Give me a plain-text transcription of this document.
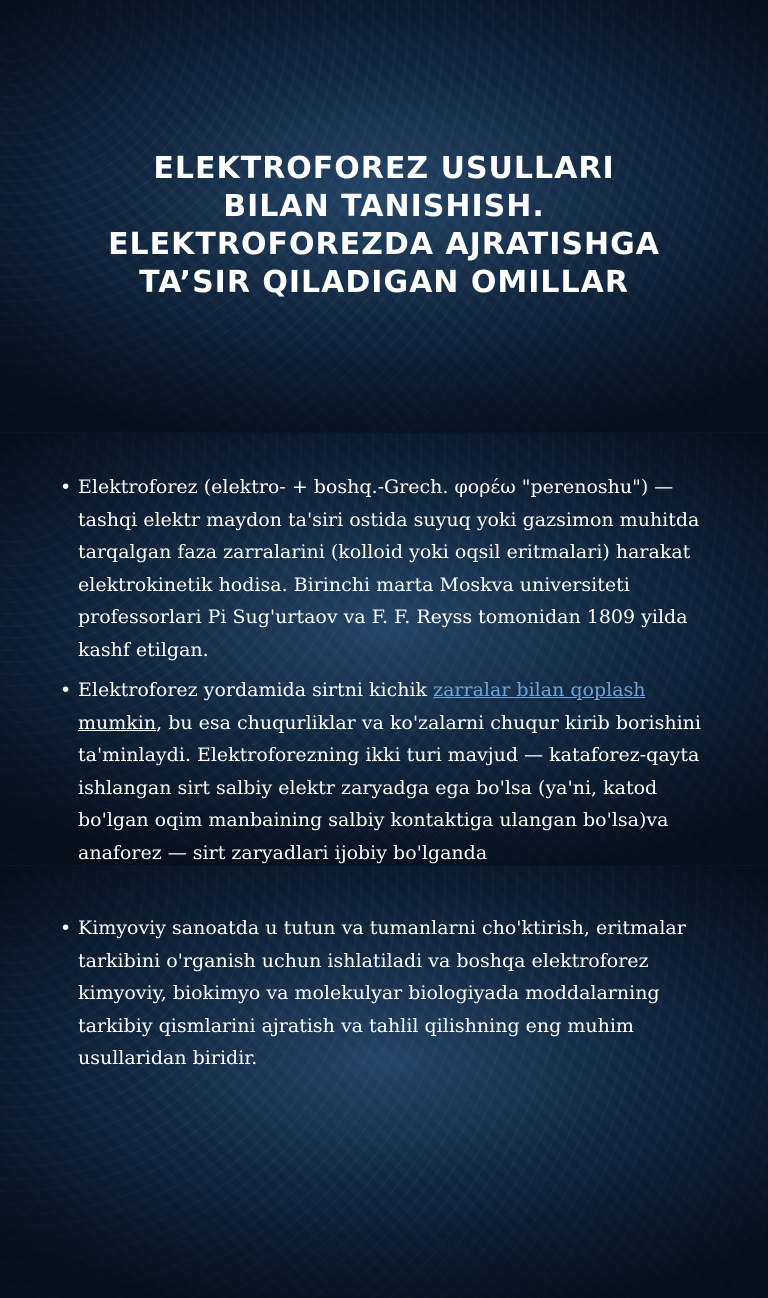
ELEKTROFOREZ USULLARI
BILAN TANISHISH.
ELEKTROFOREZDA AJRATISHGA
TA’SIR QILADIGAN OMILLAR
• Elektroforez (elektro- + boshq.-Grech. φορέω "perenoshu") — tashqi elektr maydon ta'siri ostida suyuq yoki gazsimon muhitda tarqalgan faza zarralarini (kolloid yoki oqsil eritmalari) harakat elektrokinetik hodisa. Birinchi marta Moskva universiteti professorlari Pi Sug'urtaov va F. F. Reyss tomonidan 1809 yilda kashf etilgan.
• Elektroforez yordamida sirtni kichik zarralar bilan qoplash mumkin, bu esa chuqurliklar va ko'zalarni chuqur kirib borishini ta'minlaydi. Elektroforezning ikki turi mavjud — kataforez-qayta ishlangan sirt salbiy elektr zaryadga ega bo'lsa (ya'ni, katod bo'lgan oqim manbaining salbiy kontaktiga ulangan bo'lsa)va anaforez — sirt zaryadlari ijobiy bo'lganda
• Kimyoviy sanoatda u tutun va tumanlarni cho'ktirish, eritmalar tarkibini o'rganish uchun ishlatiladi va boshqa elektroforez kimyoviy, biokimyo va molekulyar biologiyada moddalarning tarkibiy qismlarini ajratish va tahlil qilishning eng muhim usullaridan biridir.
